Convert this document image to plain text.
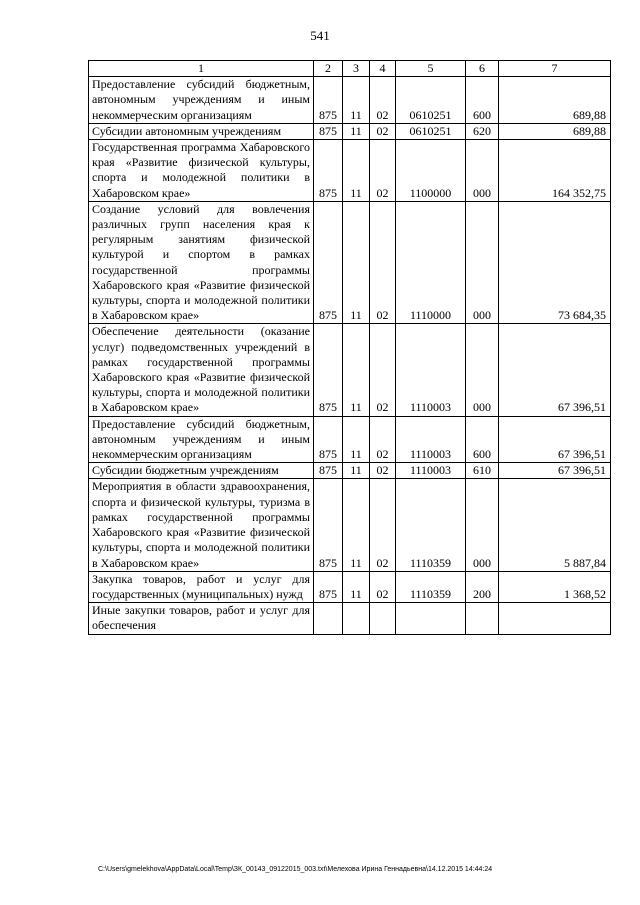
541
1	2	3	4	5	6	7
Предоставление субсидий бюджетным, автономным учреждениям и иным некоммерческим организациям	875	11	02	0610251	600	689,88
Субсидии автономным учреждениям	875	11	02	0610251	620	689,88
Государственная программа Хабаровского края «Развитие физической культуры, спорта и молодежной политики в Хабаровском крае»	875	11	02	1100000	000	164 352,75
Создание условий для вовлечения различных групп населения края к регулярным занятиям физической культурой и спортом в рамках государственной программы Хабаровского края «Развитие физической культуры, спорта и молодежной политики в Хабаровском крае»	875	11	02	1110000	000	73 684,35
Обеспечение деятельности (оказание услуг) подведомственных учреждений в рамках государственной программы Хабаровского края «Развитие физической культуры, спорта и молодежной политики в Хабаровском крае»	875	11	02	1110003	000	67 396,51
Предоставление субсидий бюджетным, автономным учреждениям и иным некоммерческим организациям	875	11	02	1110003	600	67 396,51
Субсидии бюджетным учреждениям	875	11	02	1110003	610	67 396,51
Мероприятия в области здравоохранения, спорта и физической культуры, туризма в рамках государственной программы Хабаровского края «Развитие физической культуры, спорта и молодежной политики в Хабаровском крае»	875	11	02	1110359	000	5 887,84
Закупка товаров, работ и услуг для государственных (муниципальных) нужд	875	11	02	1110359	200	1 368,52
Иные закупки товаров, работ и услуг для обеспечения						
C:\Users\gmelekhova\AppData\Local\Temp\ЗК_00143_09122015_003.txt\Мелехова Ирина Геннадьевна\14.12.2015 14:44:24
